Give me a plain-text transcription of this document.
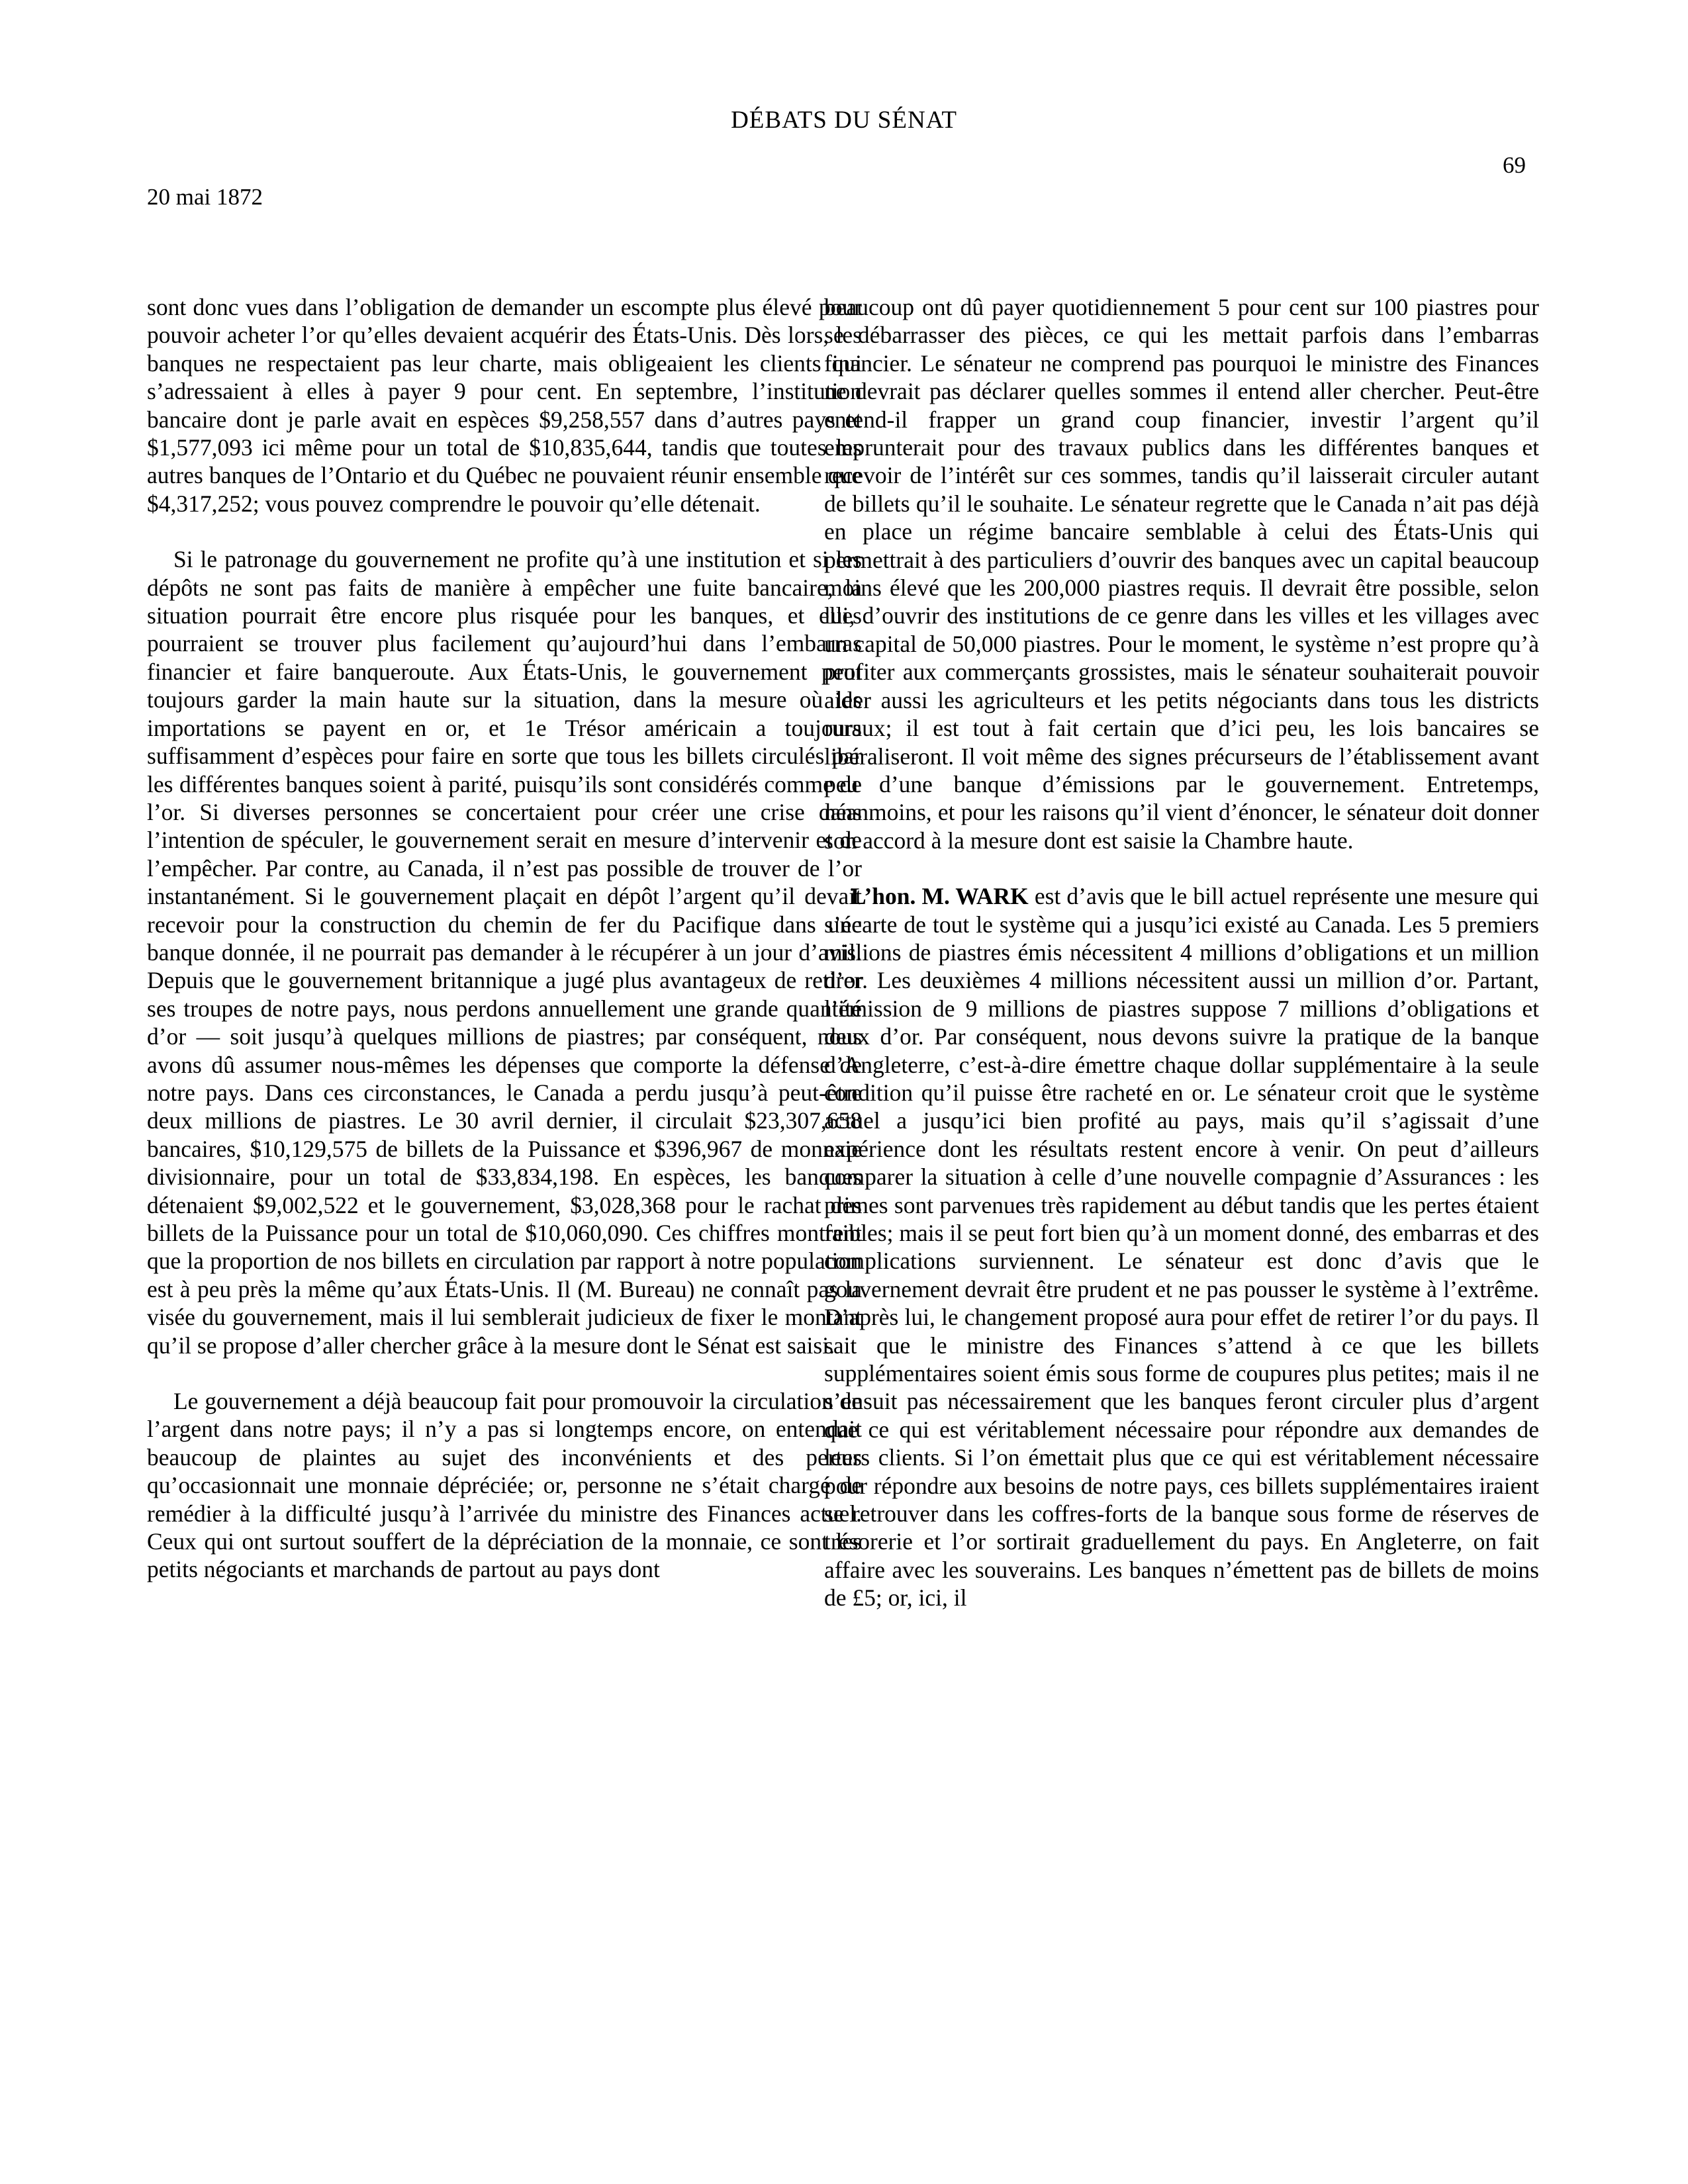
DÉBATS DU SÉNAT
69
20 mai 1872

sont donc vues dans l’obligation de demander un escompte plus élevé pour pouvoir acheter l’or qu’elles devaient acquérir des États-Unis. Dès lors, les banques ne respectaient pas leur charte, mais obligeaient les clients qui s’adressaient à elles à payer 9 pour cent. En septembre, l’institution bancaire dont je parle avait en espèces $9,258,557 dans d’autres pays et $1,577,093 ici même pour un total de $10,835,644, tandis que toutes les autres banques de l’Ontario et du Québec ne pouvaient réunir ensemble que $4,317,252; vous pouvez comprendre le pouvoir qu’elle détenait.

Si le patronage du gouvernement ne profite qu’à une institution et si les dépôts ne sont pas faits de manière à empêcher une fuite bancaire, la situation pourrait être encore plus risquée pour les banques, et elles pourraient se trouver plus facilement qu’aujourd’hui dans l’embarras financier et faire banqueroute. Aux États-Unis, le gouvernement peut toujours garder la main haute sur la situation, dans la mesure où les importations se payent en or, et 1e Trésor américain a toujours suffisamment d’espèces pour faire en sorte que tous les billets circulés par les différentes banques soient à parité, puisqu’ils sont considérés comme de l’or. Si diverses personnes se concertaient pour créer une crise dans l’intention de spéculer, le gouvernement serait en mesure d’intervenir et de l’empêcher. Par contre, au Canada, il n’est pas possible de trouver de l’or instantanément. Si le gouvernement plaçait en dépôt l’argent qu’il devait recevoir pour la construction du chemin de fer du Pacifique dans une banque donnée, il ne pourrait pas demander à le récupérer à un jour d’avis. Depuis que le gouvernement britannique a jugé plus avantageux de retirer ses troupes de notre pays, nous perdons annuellement une grande quantité d’or — soit jusqu’à quelques millions de piastres; par conséquent, nous avons dû assumer nous-mêmes les dépenses que comporte la défense de notre pays. Dans ces circonstances, le Canada a perdu jusqu’à peut-être deux millions de piastres. Le 30 avril dernier, il circulait $23,307,658 bancaires, $10,129,575 de billets de la Puissance et $396,967 de monnaie divisionnaire, pour un total de $33,834,198. En espèces, les banques détenaient $9,002,522 et le gouvernement, $3,028,368 pour le rachat des billets de la Puissance pour un total de $10,060,090. Ces chiffres montrent que la proportion de nos billets en circulation par rapport à notre population est à peu près la même qu’aux États-Unis. Il (M. Bureau) ne connaît pas la visée du gouvernement, mais il lui semblerait judicieux de fixer le montant qu’il se propose d’aller chercher grâce à la mesure dont le Sénat est saisi.

Le gouvernement a déjà beaucoup fait pour promouvoir la circulation de l’argent dans notre pays; il n’y a pas si longtemps encore, on entendait beaucoup de plaintes au sujet des inconvénients et des pertes qu’occasionnait une monnaie dépréciée; or, personne ne s’était chargé de remédier à la difficulté jusqu’à l’arrivée du ministre des Finances actuel. Ceux qui ont surtout souffert de la dépréciation de la monnaie, ce sont les petits négociants et marchands de partout au pays dont

beaucoup ont dû payer quotidiennement 5 pour cent sur 100 piastres pour se débarrasser des pièces, ce qui les mettait parfois dans l’embarras financier. Le sénateur ne comprend pas pourquoi le ministre des Finances ne devrait pas déclarer quelles sommes il entend aller chercher. Peut-être entend-il frapper un grand coup financier, investir l’argent qu’il emprunterait pour des travaux publics dans les différentes banques et recevoir de l’intérêt sur ces sommes, tandis qu’il laisserait circuler autant de billets qu’il le souhaite. Le sénateur regrette que le Canada n’ait pas déjà en place un régime bancaire semblable à celui des États-Unis qui permettrait à des particuliers d’ouvrir des banques avec un capital beaucoup moins élevé que les 200,000 piastres requis. Il devrait être possible, selon lui, d’ouvrir des institutions de ce genre dans les villes et les villages avec un capital de 50,000 piastres. Pour le moment, le système n’est propre qu’à profiter aux commerçants grossistes, mais le sénateur souhaiterait pouvoir aider aussi les agriculteurs et les petits négociants dans tous les districts ruraux; il est tout à fait certain que d’ici peu, les lois bancaires se libéraliseront. Il voit même des signes précurseurs de l’établissement avant peu d’une banque d’émissions par le gouvernement. Entretemps, néanmoins, et pour les raisons qu’il vient d’énoncer, le sénateur doit donner son accord à la mesure dont est saisie la Chambre haute.

L’hon. M. WARK est d’avis que le bill actuel représente une mesure qui s’écarte de tout le système qui a jusqu’ici existé au Canada. Les 5 premiers millions de piastres émis nécessitent 4 millions d’obligations et un million d’or. Les deuxièmes 4 millions nécessitent aussi un million d’or. Partant, l’émission de 9 millions de piastres suppose 7 millions d’obligations et deux d’or. Par conséquent, nous devons suivre la pratique de la banque d’Angleterre, c’est-à-dire émettre chaque dollar supplémentaire à la seule condition qu’il puisse être racheté en or. Le sénateur croit que le système actuel a jusqu’ici bien profité au pays, mais qu’il s’agissait d’une expérience dont les résultats restent encore à venir. On peut d’ailleurs comparer la situation à celle d’une nouvelle compagnie d’Assurances : les primes sont parvenues très rapidement au début tandis que les pertes étaient faibles; mais il se peut fort bien qu’à un moment donné, des embarras et des complications surviennent. Le sénateur est donc d’avis que le gouvernement devrait être prudent et ne pas pousser le système à l’extrême. D’après lui, le changement proposé aura pour effet de retirer l’or du pays. Il sait que le ministre des Finances s’attend à ce que les billets supplémentaires soient émis sous forme de coupures plus petites; mais il ne s’ensuit pas nécessairement que les banques feront circuler plus d’argent que ce qui est véritablement nécessaire pour répondre aux demandes de leurs clients. Si l’on émettait plus que ce qui est véritablement nécessaire pour répondre aux besoins de notre pays, ces billets supplémentaires iraient se retrouver dans les coffres-forts de la banque sous forme de réserves de trésorerie et l’or sortirait graduellement du pays. En Angleterre, on fait affaire avec les souverains. Les banques n’émettent pas de billets de moins de £5; or, ici, il
